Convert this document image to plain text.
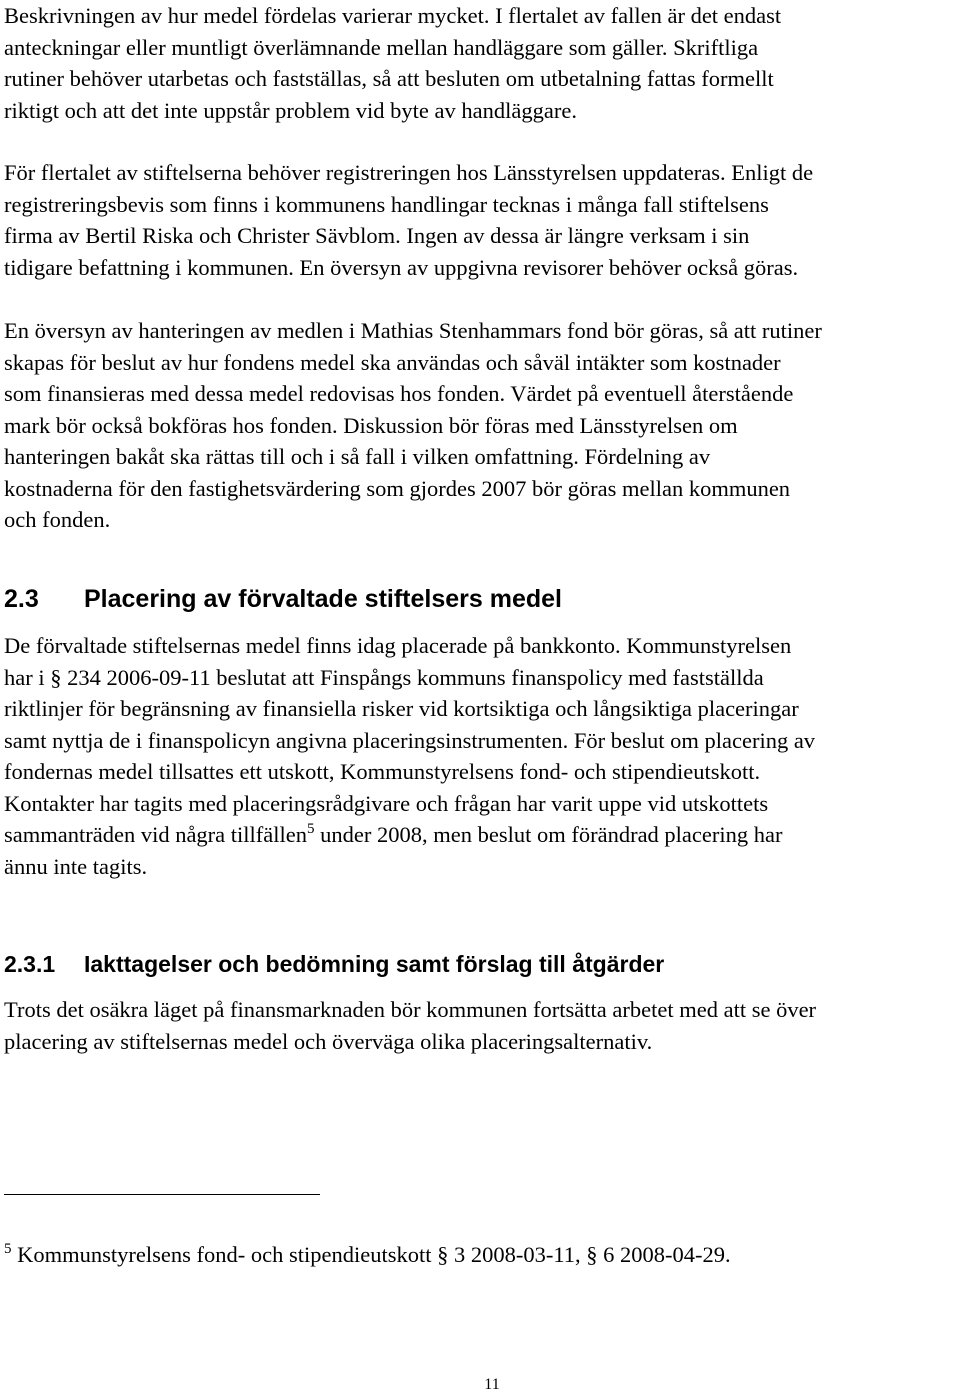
Beskrivningen av hur medel fördelas varierar mycket. I flertalet av fallen är det endast
anteckningar eller muntligt överlämnande mellan handläggare som gäller. Skriftliga
rutiner behöver utarbetas och fastställas, så att besluten om utbetalning fattas formellt
riktigt och att det inte uppstår problem vid byte av handläggare.
För flertalet av stiftelserna behöver registreringen hos Länsstyrelsen uppdateras. Enligt de
registreringsbevis som finns i kommunens handlingar tecknas i många fall stiftelsens
firma av Bertil Riska och Christer Sävblom. Ingen av dessa är längre verksam i sin
tidigare befattning i kommunen. En översyn av uppgivna revisorer behöver också göras.
En översyn av hanteringen av medlen i Mathias Stenhammars fond bör göras, så att rutiner
skapas för beslut av hur fondens medel ska användas och såväl intäkter som kostnader
som finansieras med dessa medel redovisas hos fonden. Värdet på eventuell återstående
mark bör också bokföras hos fonden. Diskussion bör föras med Länsstyrelsen om
hanteringen bakåt ska rättas till och i så fall i vilken omfattning. Fördelning av
kostnaderna för den fastighetsvärdering som gjordes 2007 bör göras mellan kommunen
och fonden.
2.3 Placering av förvaltade stiftelsers medel
De förvaltade stiftelsernas medel finns idag placerade på bankkonto. Kommunstyrelsen
har i § 234 2006-09-11 beslutat att Finspångs kommuns finanspolicy med fastställda
riktlinjer för begränsning av finansiella risker vid kortsiktiga och långsiktiga placeringar
samt nyttja de i finanspolicyn angivna placeringsinstrumenten. För beslut om placering av
fondernas medel tillsattes ett utskott, Kommunstyrelsens fond- och stipendieutskott.
Kontakter har tagits med placeringsrådgivare och frågan har varit uppe vid utskottets
sammanträden vid några tillfällen$^5$ under 2008, men beslut om förändrad placering har
ännu inte tagits.
2.3.1 Iakttagelser och bedömning samt förslag till åtgärder
Trots det osäkra läget på finansmarknaden bör kommunen fortsätta arbetet med att se över
placering av stiftelsernas medel och överväga olika placeringsalternativ.
$^5$ Kommunstyrelsens fond- och stipendieutskott § 3 2008-03-11, § 6 2008-04-29.
11
